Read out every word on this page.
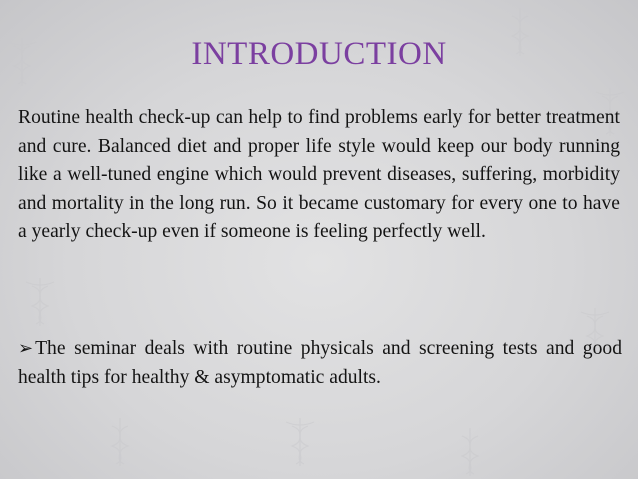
INTRODUCTION

Routine health check-up can help to find problems early for better treatment and cure. Balanced diet and proper life style would keep our body running like a well-tuned engine which would prevent diseases, suffering, morbidity and mortality in the long run. So it became customary for every one to have a yearly check-up even if someone is feeling perfectly well.

➢ The seminar deals with routine physicals and screening tests and good health tips for healthy & asymptomatic adults.
